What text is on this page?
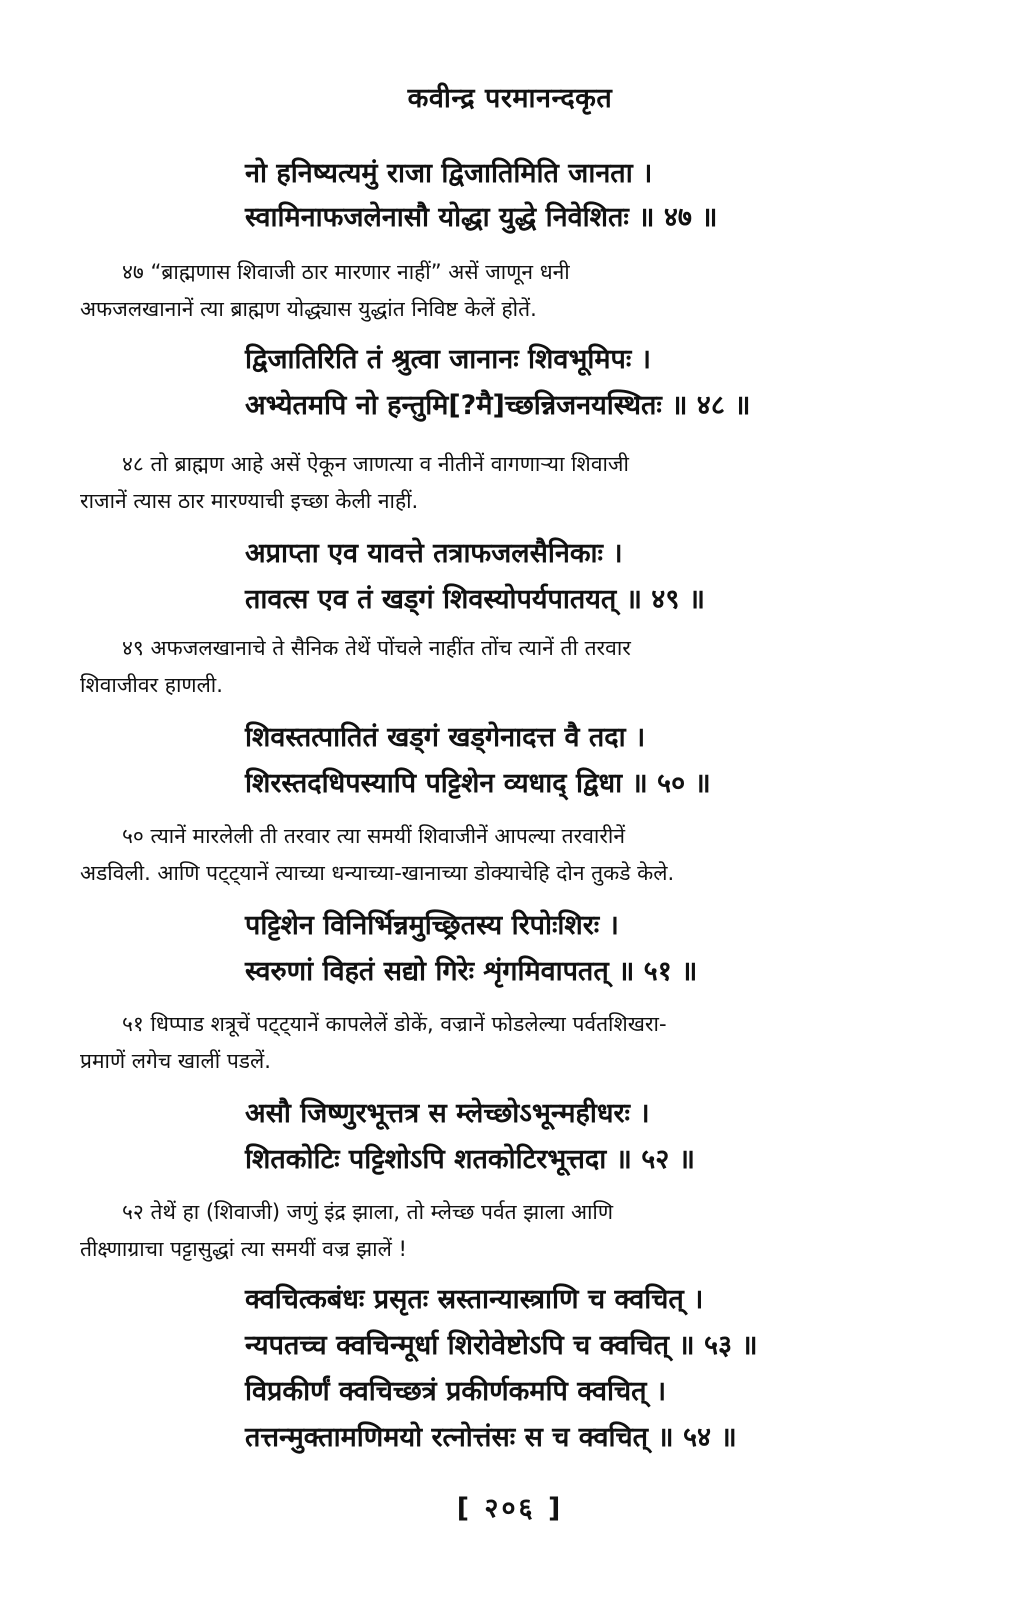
कवीन्द्र परमानन्दकृत
नो हनिष्यत्यमुं राजा द्विजातिमिति जानता ।
स्वामिनाफजलेनासौ योद्धा युद्धे निवेशितः ॥ ४७ ॥
४७ “ब्राह्मणास शिवाजी ठार मारणार नाहीं” असें जाणून धनी
अफजलखानानें त्या ब्राह्मण योद्ध्यास युद्धांत निविष्ट केलें होतें.
द्विजातिरिति तं श्रुत्वा जानानः शिवभूमिपः ।
अभ्येतमपि नो हन्तुमि[?मै]च्छन्निजनयस्थितः ॥ ४८ ॥
४८ तो ब्राह्मण आहे असें ऐकून जाणत्या व नीतीनें वागणाऱ्या शिवाजी
राजानें त्यास ठार मारण्याची इच्छा केली नाहीं.
अप्राप्ता एव यावत्ते तत्राफजलसैनिकाः ।
तावत्स एव तं खड्गं शिवस्योपर्यपातयत् ॥ ४९ ॥
४९ अफजलखानाचे ते सैनिक तेथें पोंचले नाहींत तोंच त्यानें ती तरवार
शिवाजीवर हाणली.
शिवस्तत्पातितं खड्गं खड्गेनादत्त वै तदा ।
शिरस्तदधिपस्यापि पट्टिशेन व्यधाद् द्विधा ॥ ५० ॥
५० त्यानें मारलेली ती तरवार त्या समयीं शिवाजीनें आपल्या तरवारीनें
अडविली. आणि पट्ट्यानें त्याच्या धन्याच्या-खानाच्या डोक्याचेहि दोन तुकडे केले.
पट्टिशेन विनिर्भिन्नमुच्छ्रितस्य रिपोःशिरः ।
स्वरुणां विहतं सद्यो गिरेः शृंगमिवापतत् ॥ ५१ ॥
५१ धिप्पाड शत्रूचें पट्ट्यानें कापलेलें डोकें, वज्रानें फोडलेल्या पर्वतशिखरा-
प्रमाणें लगेच खालीं पडलें.
असौ जिष्णुरभूत्तत्र स म्लेच्छोऽभून्महीधरः ।
शितकोटिः पट्टिशोऽपि शतकोटिरभूत्तदा ॥ ५२ ॥
५२ तेथें हा (शिवाजी) जणुं इंद्र झाला, तो म्लेच्छ पर्वत झाला आणि
तीक्ष्णाग्राचा पट्टासुद्धां त्या समयीं वज्र झालें !
क्वचित्कबंधः प्रसृतः स्रस्तान्यास्त्राणि च क्वचित् ।
न्यपतच्च क्वचिन्मूर्धा शिरोवेष्टोऽपि च क्वचित् ॥ ५३ ॥
विप्रकीर्णं क्वचिच्छत्रं प्रकीर्णकमपि क्वचित् ।
तत्तन्मुक्तामणिमयो रत्नोत्तंसः स च क्वचित् ॥ ५४ ॥
[ २०६ ]
